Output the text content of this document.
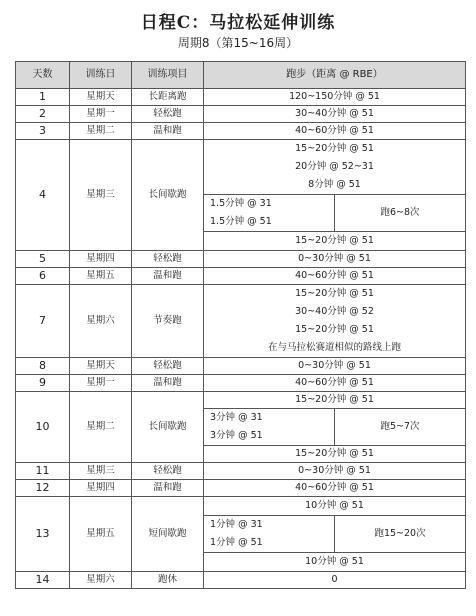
日程C：马拉松延伸训练
周期8（第15~16周）
天数	训练日	训练项目	跑步（距离 @ RBE）	
1	星期天	长距离跑	120~150分钟 @ 51	
2	星期一	轻松跑	30~40分钟 @ 51	
3	星期二	温和跑	40~60分钟 @ 51	
4	星期三	长间歇跑	15~20分钟 @ 51	
			20分钟 @ 52~31	
			8分钟 @ 51	
			1.5分钟 @ 31	跑6~8次
			1.5分钟 @ 51	
			15~20分钟 @ 51	
5	星期四	轻松跑	0~30分钟 @ 51	
6	星期五	温和跑	40~60分钟 @ 51	
7	星期六	节奏跑	15~20分钟 @ 51	
			30~40分钟 @ 52	
			15~20分钟 @ 51	
			在与马拉松赛道相似的路线上跑	
8	星期天	轻松跑	0~30分钟 @ 51	
9	星期一	温和跑	40~60分钟 @ 51	
10	星期二	长间歇跑	15~20分钟 @ 51	
			3分钟 @ 31	跑5~7次
			3分钟 @ 51	
			15~20分钟 @ 51	
11	星期三	轻松跑	0~30分钟 @ 51	
12	星期四	温和跑	40~60分钟 @ 51	
13	星期五	短间歇跑	10分钟 @ 51	
			1分钟 @ 31	跑15~20次
			1分钟 @ 51	
			10分钟 @ 51	
14	星期六	跑休	0	
